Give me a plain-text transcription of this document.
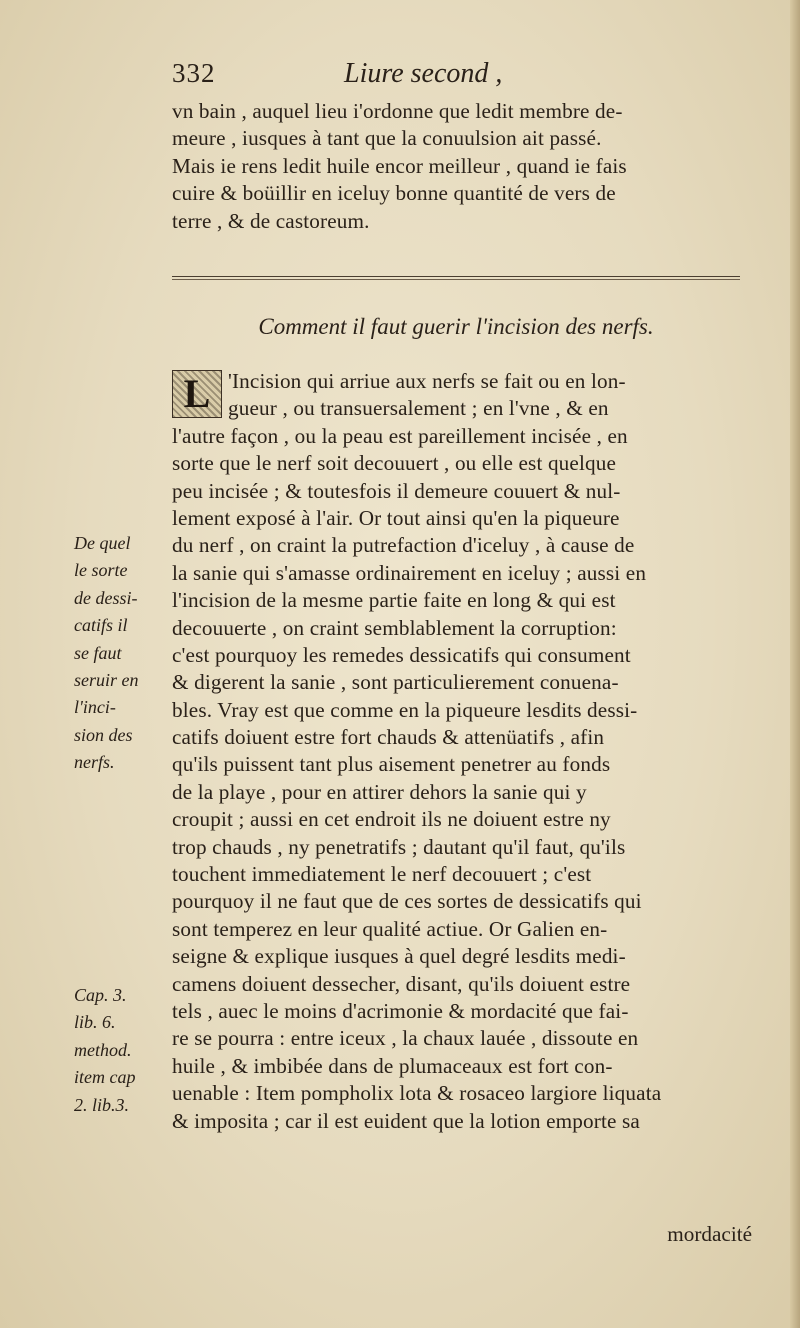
332	Liure second ,
vn bain , auquel lieu i'ordonne que ledit membre de-
meure , iusques à tant que la conuulsion ait passé.
Mais ie rens ledit huile encor meilleur , quand ie fais
cuire & boüillir en iceluy bonne quantité de vers de
terre , & de castoreum.
Comment il faut guerir l'incision des nerfs.
L 'Incision qui arriue aux nerfs se fait ou en lon-
gueur , ou transuersalement ; en l'vne , & en
l'autre façon , ou la peau est pareillement incisée , en
sorte que le nerf soit decouuert , ou elle est quelque
peu incisée ; & toutesfois il demeure couuert & nul-
lement exposé à l'air. Or tout ainsi qu'en la piqueure
du nerf , on craint la putrefaction d'iceluy , à cause de
la sanie qui s'amasse ordinairement en iceluy ; aussi en
l'incision de la mesme partie faite en long & qui est
decouuerte , on craint semblablement la corruption:
c'est pourquoy les remedes dessicatifs qui consument
& digerent la sanie , sont particulierement conuena-
bles. Vray est que comme en la piqueure lesdits dessi-
catifs doiuent estre fort chauds & attenüatifs , afin
qu'ils puissent tant plus aisement penetrer au fonds
de la playe , pour en attirer dehors la sanie qui y
croupit ; aussi en cet endroit ils ne doiuent estre ny
trop chauds , ny penetratifs ; dautant qu'il faut, qu'ils
touchent immediatement le nerf decouuert ; c'est
pourquoy il ne faut que de ces sortes de dessicatifs qui
sont temperez en leur qualité actiue. Or Galien en-
seigne & explique iusques à quel degré lesdits medi-
camens doiuent dessecher, disant, qu'ils doiuent estre
tels , auec le moins d'acrimonie & mordacité que fai-
re se pourra : entre iceux , la chaux lauée , dissoute en
huile , & imbibée dans de plumaceaux est fort con-
uenable : Item pompholix lota & rosaceo largiore liquata
& imposita ; car il est euident que la lotion emporte sa
De quel
le sorte
de dessi-
catifs il
se faut
seruir en
l'inci-
sion des
nerfs.
Cap. 3.
lib. 6.
method.
item cap
2. lib.3.
mordacité
